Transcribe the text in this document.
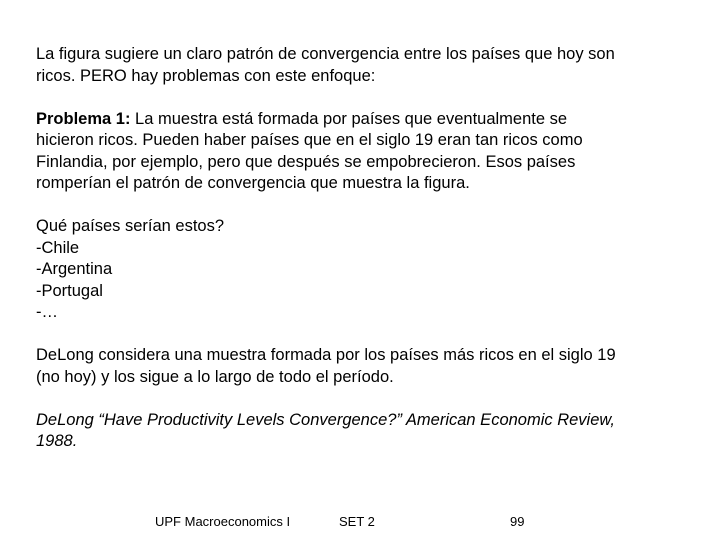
La figura sugiere un claro patrón de convergencia entre los países que hoy son
ricos. PERO hay problemas con este enfoque:

Problema 1: La muestra está formada por países que eventualmente se
hicieron ricos. Pueden haber países que en el siglo 19 eran tan ricos como
Finlandia, por ejemplo, pero que después se empobrecieron. Esos países
romperían el patrón de convergencia que muestra la figura.

Qué países serían estos?
-Chile
-Argentina
-Portugal
-…

DeLong considera una muestra formada por los países más ricos en el siglo 19
(no hoy) y los sigue a lo largo de todo el período.

DeLong “Have Productivity Levels Convergence?” American Economic Review,
1988.

UPF Macroeconomics I	SET 2	99
